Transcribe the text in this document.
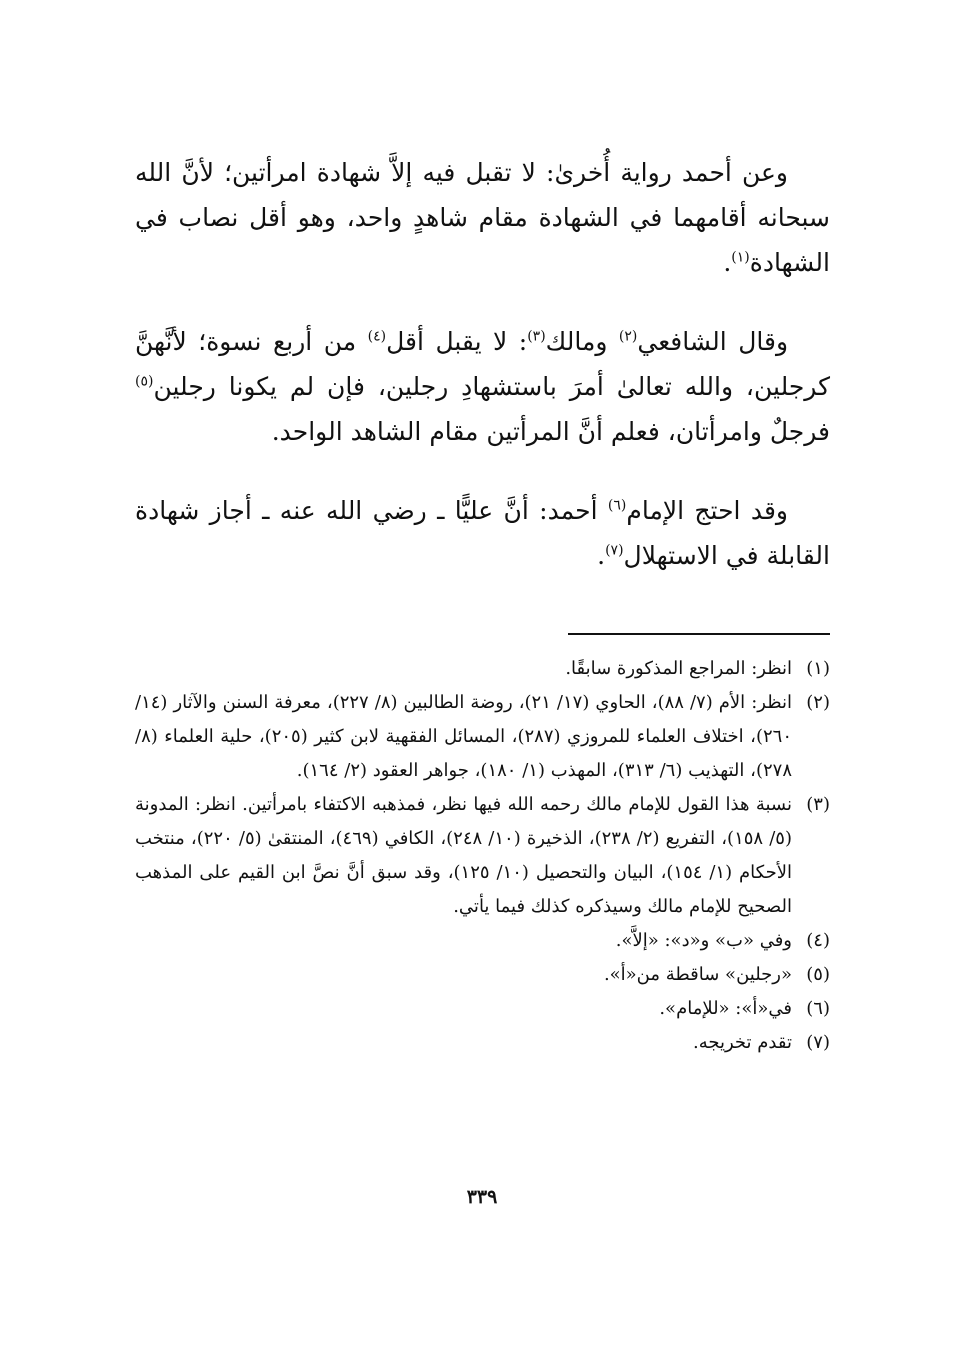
وعن أحمد رواية أُخرىٰ: لا تقبل فيه إلاَّ شهادة امرأتين؛ لأنَّ الله سبحانه أقامهما في الشهادة مقام شاهدٍ واحد، وهو أقل نصاب في الشهادة$^{(١)}$.

وقال الشافعي$^{(٢)}$ ومالك$^{(٣)}$: لا يقبل أقل$^{(٤)}$ من أربع نسوة؛ لأنَّهنَّ كرجلين، والله تعالىٰ أمرَ باستشهادِ رجلين، فإن لم يكونا رجلين$^{(٥)}$ فرجلٌ وامرأتان، فعلم أنَّ المرأتين مقام الشاهد الواحد.

وقد احتج الإمام$^{(٦)}$ أحمد: أنَّ عليًّا ـ رضي الله عنه ـ أجاز شهادة القابلة في الاستهلال$^{(٧)}$.

(١)
انظر: المراجع المذكورة سابقًا.
(٢)
انظر: الأم (٧/ ٨٨)، الحاوي (١٧/ ٢١)، روضة الطالبين (٨/ ٢٢٧)، معرفة السنن والآثار (١٤/ ٢٦٠)، اختلاف العلماء للمروزي (٢٨٧)، المسائل الفقهية لابن كثير (٢٠٥)، حلية العلماء (٨/ ٢٧٨)، التهذيب (٦/ ٣١٣)، المهذب (١/ ١٨٠)، جواهر العقود (٢/ ١٦٤).
(٣)
نسبة هذا القول للإمام مالك رحمه الله فيها نظر، فمذهبه الاكتفاء بامرأتين. انظر: المدونة (٥/ ١٥٨)، التفريع (٢/ ٢٣٨)، الذخيرة (١٠/ ٢٤٨)، الكافي (٤٦٩)، المنتقىٰ (٥/ ٢٢٠)، منتخب الأحكام (١/ ١٥٤)، البيان والتحصيل (١٠/ ١٢٥)، وقد سبق أنَّ نصَّ ابن القيم على المذهب الصحيح للإمام مالك وسيذكره كذلك فيما يأتي.
(٤)
وفي «ب» و«د»: «إلاَّ».
(٥)
«رجلين» ساقطة من«أ».
(٦)
في«أ»: «للإمام».
(٧)
تقدم تخريجه.
٣٣٩
